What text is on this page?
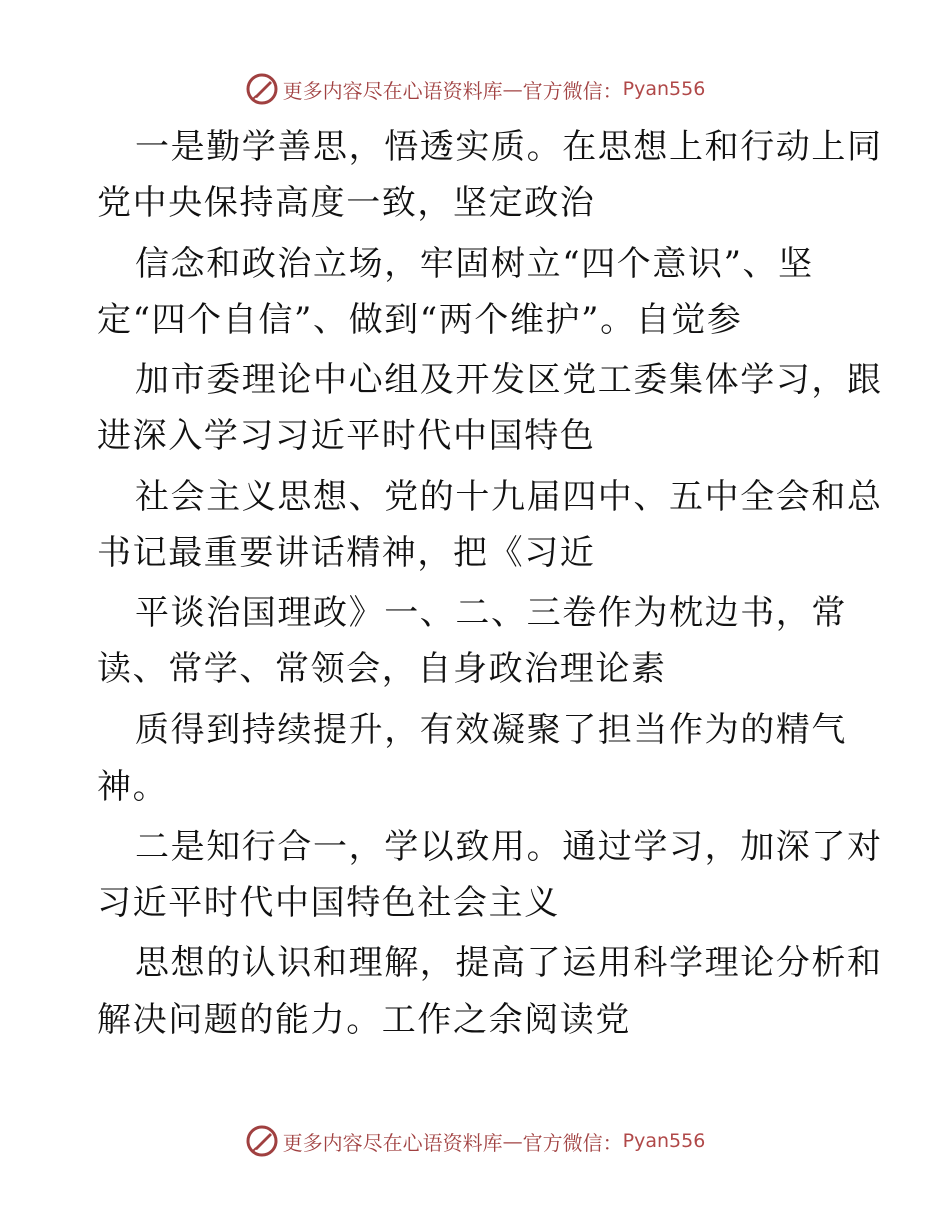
更多内容尽在心语资料库 — 官方微信： Pyan556
一是勤学善思，悟透实质。在思想上和行动上同
党中央保持高度一致，坚定政治
信念和政治立场，牢固树立“四个意识”、坚
定“四个自信”、做到“两个维护”。自觉参
加市委理论中心组及开发区党工委集体学习，跟
进深入学习习近平时代中国特色
社会主义思想、党的十九届四中、五中全会和总
书记最重要讲话精神，把《习近
平谈治国理政》一、二、三卷作为枕边书，常
读、常学、常领会，自身政治理论素
质得到持续提升，有效凝聚了担当作为的精气
神。
二是知行合一，学以致用。通过学习，加深了对
习近平时代中国特色社会主义
思想的认识和理解，提高了运用科学理论分析和
解决问题的能力。工作之余阅读党
更多内容尽在心语资料库 — 官方微信： Pyan556
